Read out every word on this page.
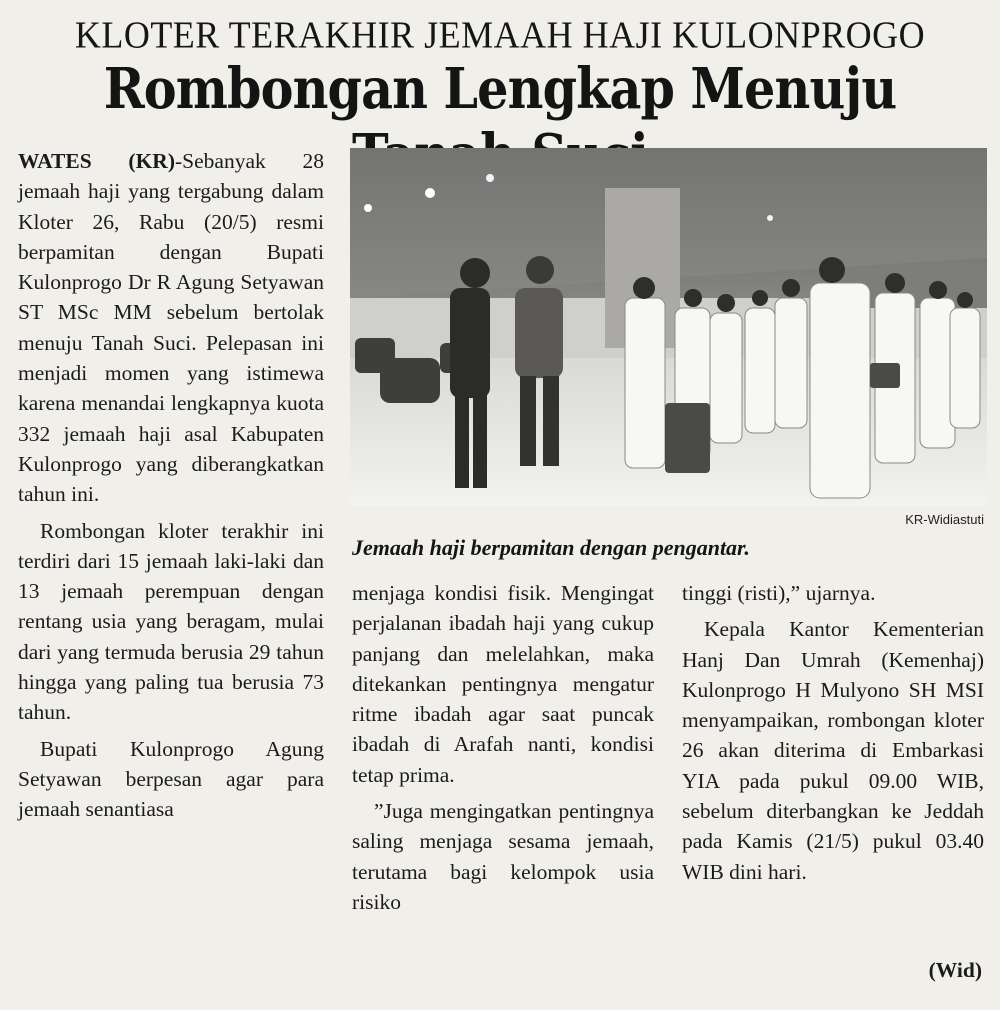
KLOTER TERAKHIR JEMAAH HAJI KULONPROGO
Rombongan Lengkap Menuju

WATES (KR)-Sebanyak 28 jemaah haji yang tergabung dalam Kloter 26, Rabu (20/5) resmi berpamitan dengan Bupati Kulonprogo Dr R Agung Setyawan ST MSc MM sebelum bertolak menuju Tanah Suci. Pelepasan ini menjadi momen yang istimewa karena menandai lengkapnya kuota 332 jemaah haji asal Kabupaten Kulonprogo yang diberangkatkan tahun ini.

Rombongan kloter terakhir ini terdiri dari 15 jemaah laki-laki dan 13 jemaah perempuan dengan rentang usia yang beragam, mulai dari yang termuda berusia 29 tahun hingga yang paling tua berusia 73 tahun.

Bupati Kulonprogo Agung Setyawan berpesan agar para jemaah senantiasa

KR-Widiastuti
Jemaah haji berpamitan dengan pengantar.

menjaga kondisi fisik. Mengingat perjalanan ibadah haji yang cukup panjang dan melelahkan, maka ditekankan pentingnya mengatur ritme ibadah agar saat puncak ibadah di Arafah nanti, kondisi tetap prima.

”Juga mengingatkan pentingnya saling menjaga sesama jemaah, terutama bagi kelompok usia risiko

tinggi (risti),” ujarnya.

Kepala Kantor Kementerian Hanj Dan Umrah (Kemenhaj) Kulonprogo H Mulyono SH MSI menyampaikan, rombongan kloter 26 akan diterima di Embarkasi YIA pada pukul 09.00 WIB, sebelum diterbangkan ke Jeddah pada Kamis (21/5) pukul 03.40 WIB dini hari.

(Wid)
